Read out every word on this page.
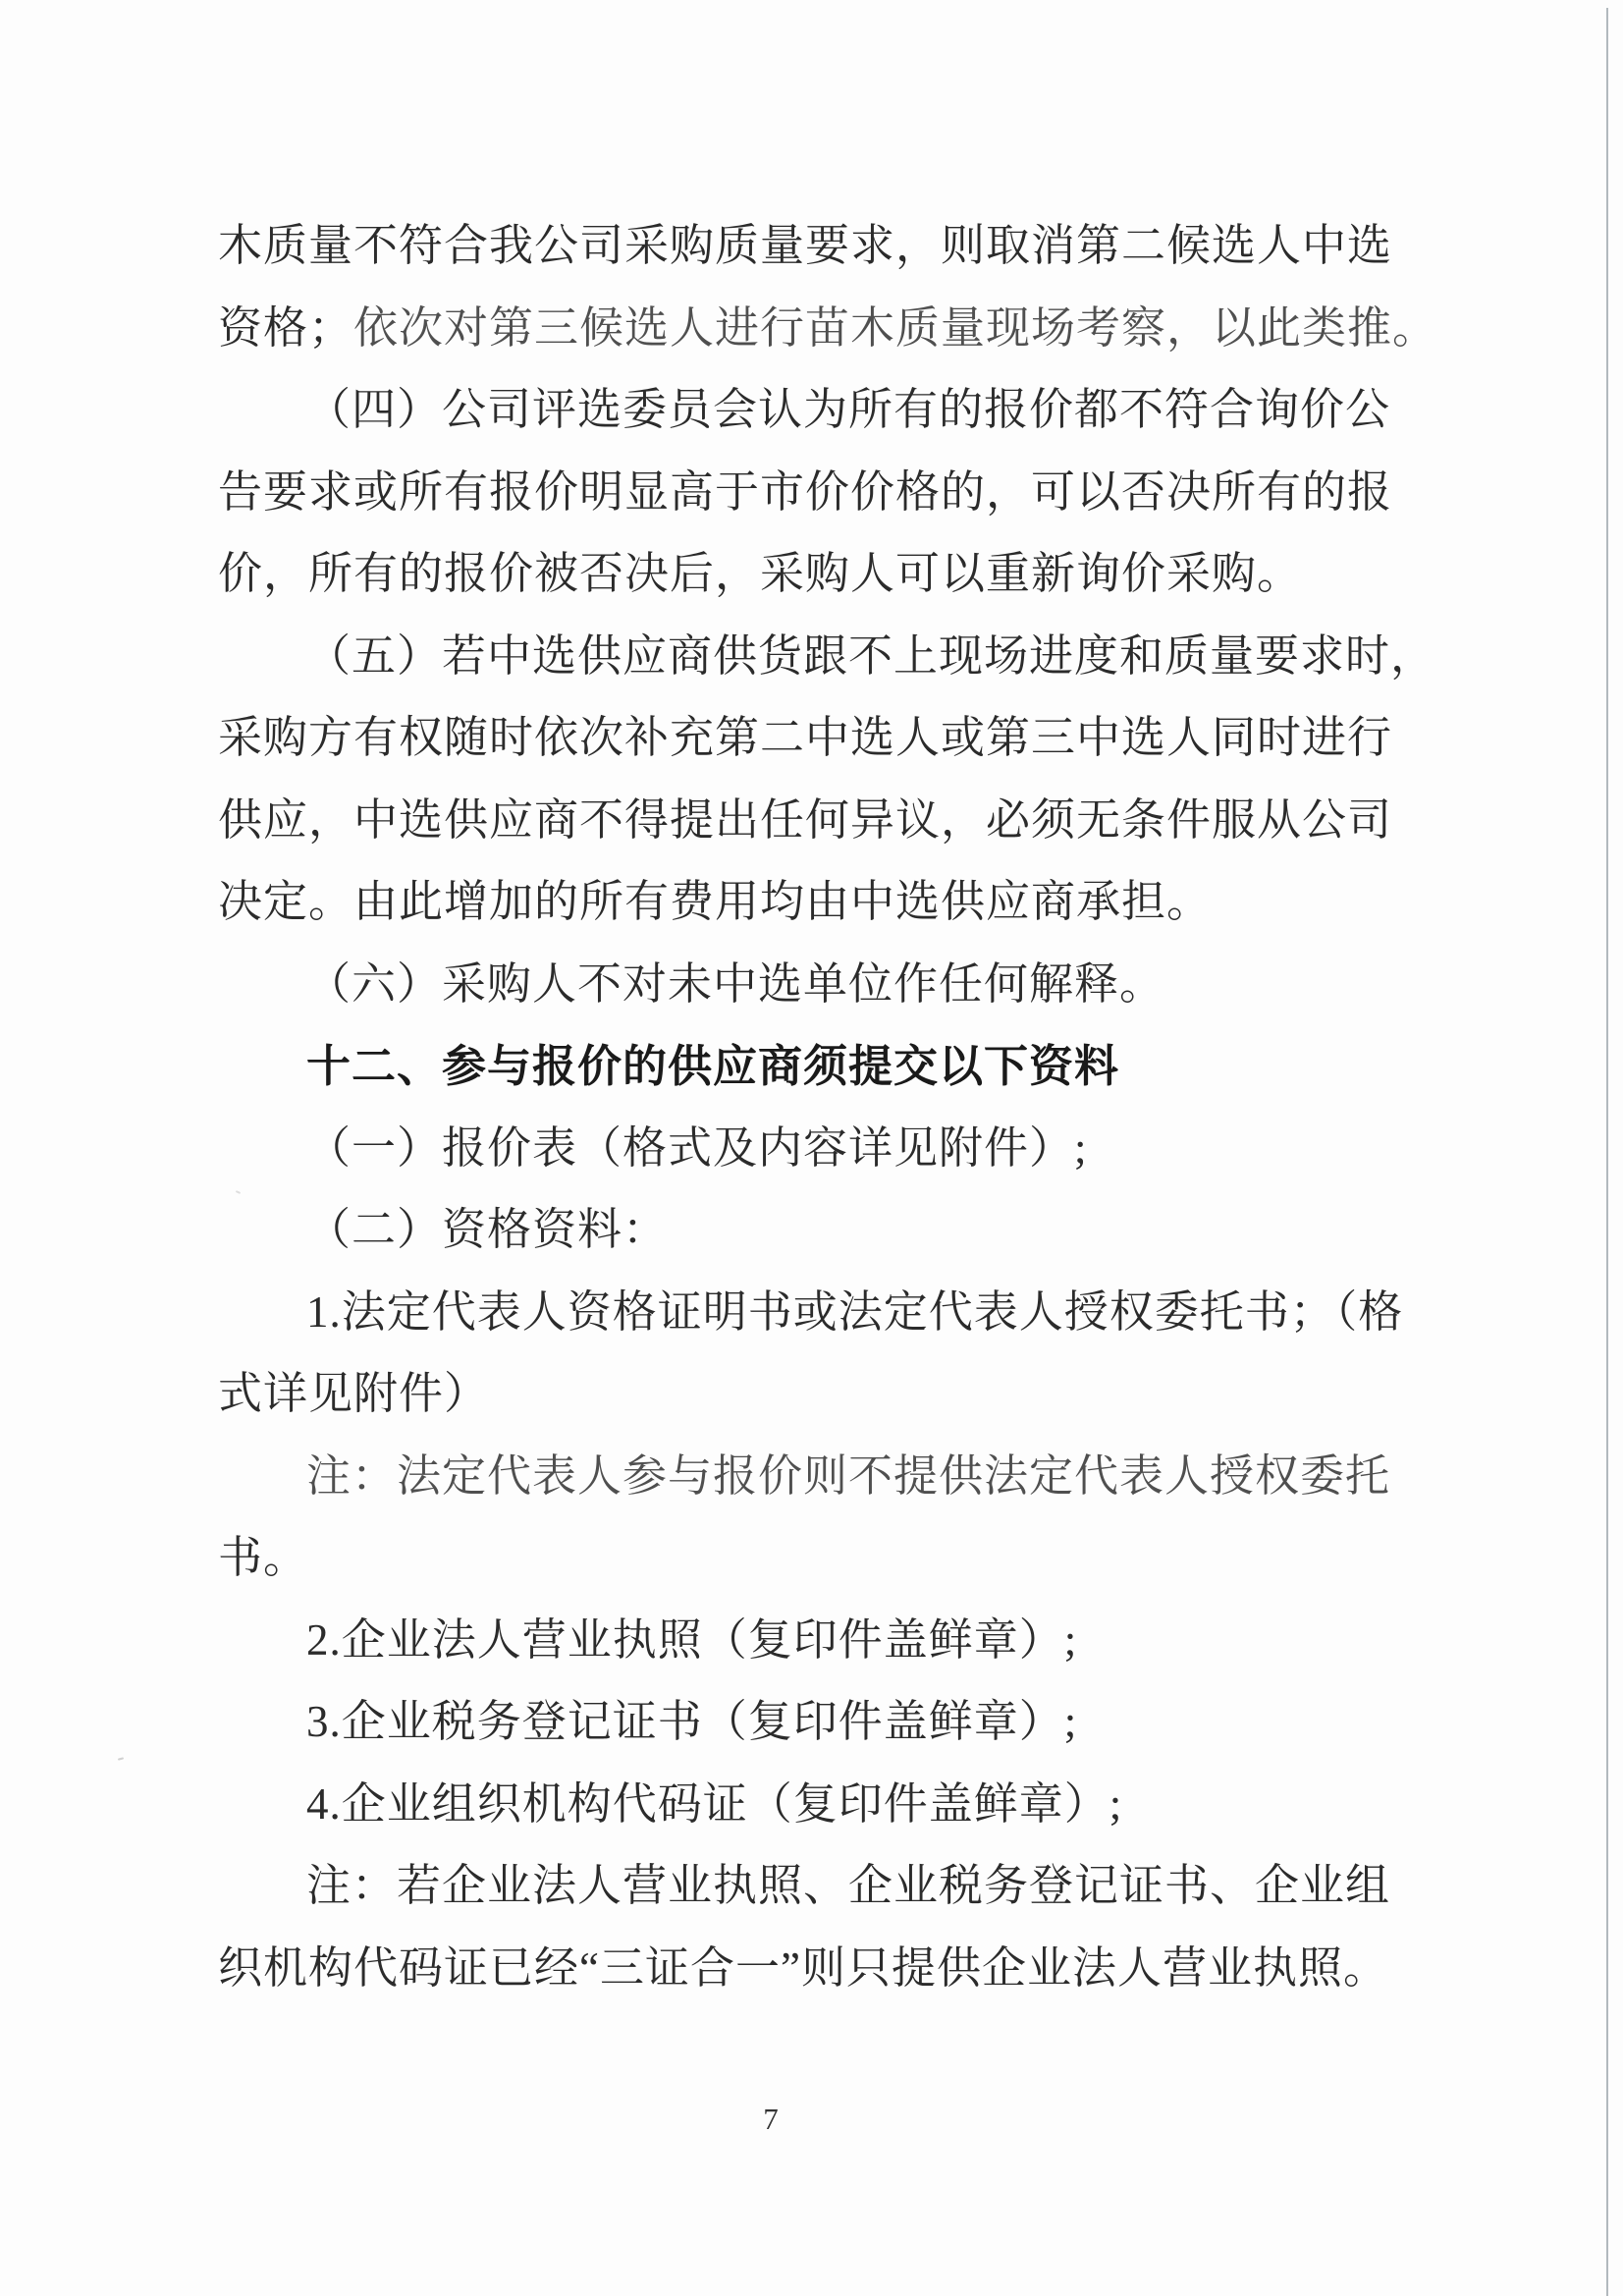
木质量不符合我公司采购质量要求，则取消第二候选人中选
资格；依次对第三候选人进行苗木质量现场考察，以此类推。
（四）公司评选委员会认为所有的报价都不符合询价公
告要求或所有报价明显高于市价价格的，可以否决所有的报
价，所有的报价被否决后，采购人可以重新询价采购。
（五）若中选供应商供货跟不上现场进度和质量要求时，
采购方有权随时依次补充第二中选人或第三中选人同时进行
供应，中选供应商不得提出任何异议，必须无条件服从公司
决定。由此增加的所有费用均由中选供应商承担。
（六）采购人不对未中选单位作任何解释。
十二、参与报价的供应商须提交以下资料
（一）报价表（格式及内容详见附件）;
（二）资格资料：
1.法定代表人资格证明书或法定代表人授权委托书；（格
式详见附件）
注：法定代表人参与报价则不提供法定代表人授权委托
书。
2.企业法人营业执照（复印件盖鲜章）;
3.企业税务登记证书（复印件盖鲜章）;
4.企业组织机构代码证（复印件盖鲜章）;
注：若企业法人营业执照、企业税务登记证书、企业组
织机构代码证已经“三证合一”则只提供企业法人营业执照。
7
